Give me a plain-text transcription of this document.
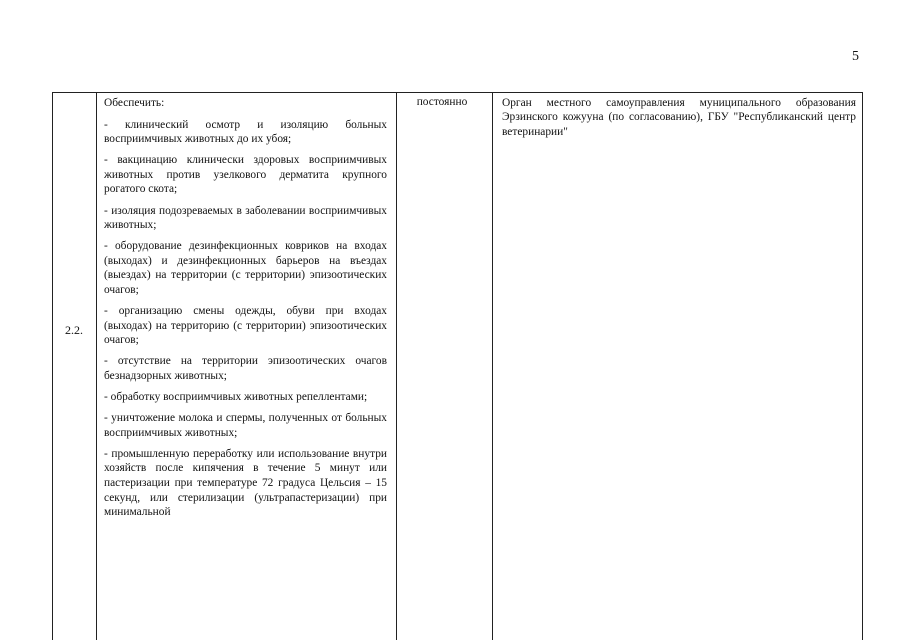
5
2.2.

Обеспечить:

- клинический осмотр и изоляцию больных восприимчивых животных до их убоя;

- вакцинацию клинически здоровых восприимчивых животных против узелкового дерматита крупного рогатого скота;

- изоляция подозреваемых в заболевании восприимчивых животных;

- оборудование дезинфекционных ковриков на входах (выходах) и дезинфекционных барьеров на въездах (выездах) на территории (с территории) эпизоотических очагов;

- организацию смены одежды, обуви при входах (выходах) на территорию (с территории) эпизоотических очагов;

- отсутствие на территории эпизоотических очагов безнадзорных животных;

- обработку восприимчивых животных репеллентами;

- уничтожение молока и спермы, полученных от больных восприимчивых животных;

- промышленную переработку или использование внутри хозяйств после кипячения в течение 5 минут или пастеризации при температуре 72 градуса Цельсия – 15 секунд, или стерилизации (ультрапастеризации) при минимальной

постоянно	Орган местного самоуправления муниципального образования Эрзинского кожууна (по согласованию), ГБУ "Республиканский центр ветеринарии"
